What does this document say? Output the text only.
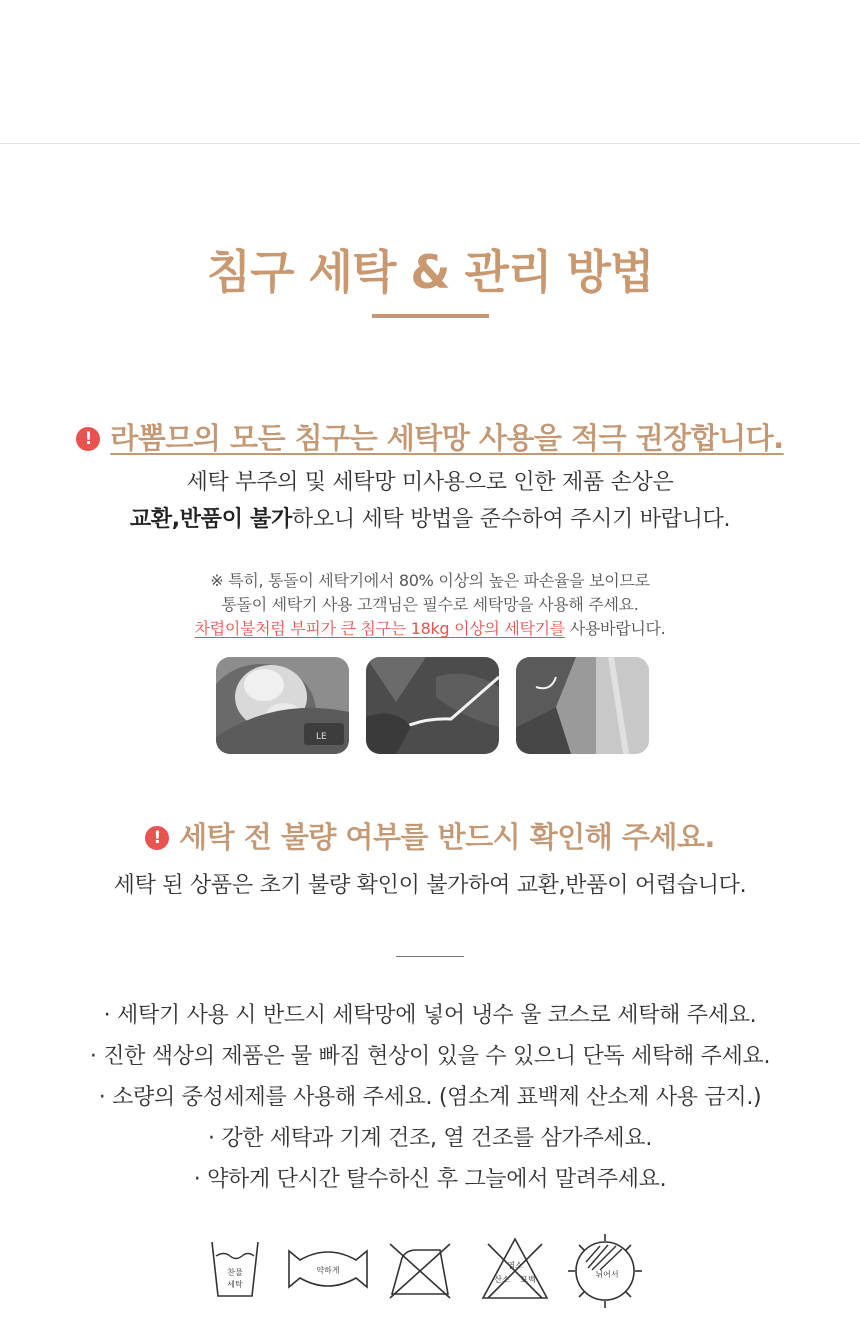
침구 세탁 & 관리 방법
! 라뽐므의 모든 침구는 세탁망 사용을 적극 권장합니다.
세탁 부주의 및 세탁망 미사용으로 인한 제품 손상은
교환,반품이 불가하오니 세탁 방법을 준수하여 주시기 바랍니다.
※ 특히, 통돌이 세탁기에서 80% 이상의 높은 파손율을 보이므로
통돌이 세탁기 사용 고객님은 필수로 세탁망을 사용해 주세요.
차렵이불처럼 부피가 큰 침구는 18kg 이상의 세탁기를 사용바랍니다.
LE
! 세탁 전 불량 여부를 반드시 확인해 주세요.
세탁 된 상품은 초기 불량 확인이 불가하여 교환,반품이 어렵습니다.
· 세탁기 사용 시 반드시 세탁망에 넣어 냉수 울 코스로 세탁해 주세요.
· 진한 색상의 제품은 물 빠짐 현상이 있을 수 있으니 단독 세탁해 주세요.
· 소량의 중성세제를 사용해 주세요. (염소계 표백제 산소제 사용 금지.)
· 강한 세탁과 기계 건조, 열 건조를 삼가주세요.
· 약하게 단시간 탈수하신 후 그늘에서 말려주세요.
찬물
세탁
약하게
염소
산소 표백
뉘어서
